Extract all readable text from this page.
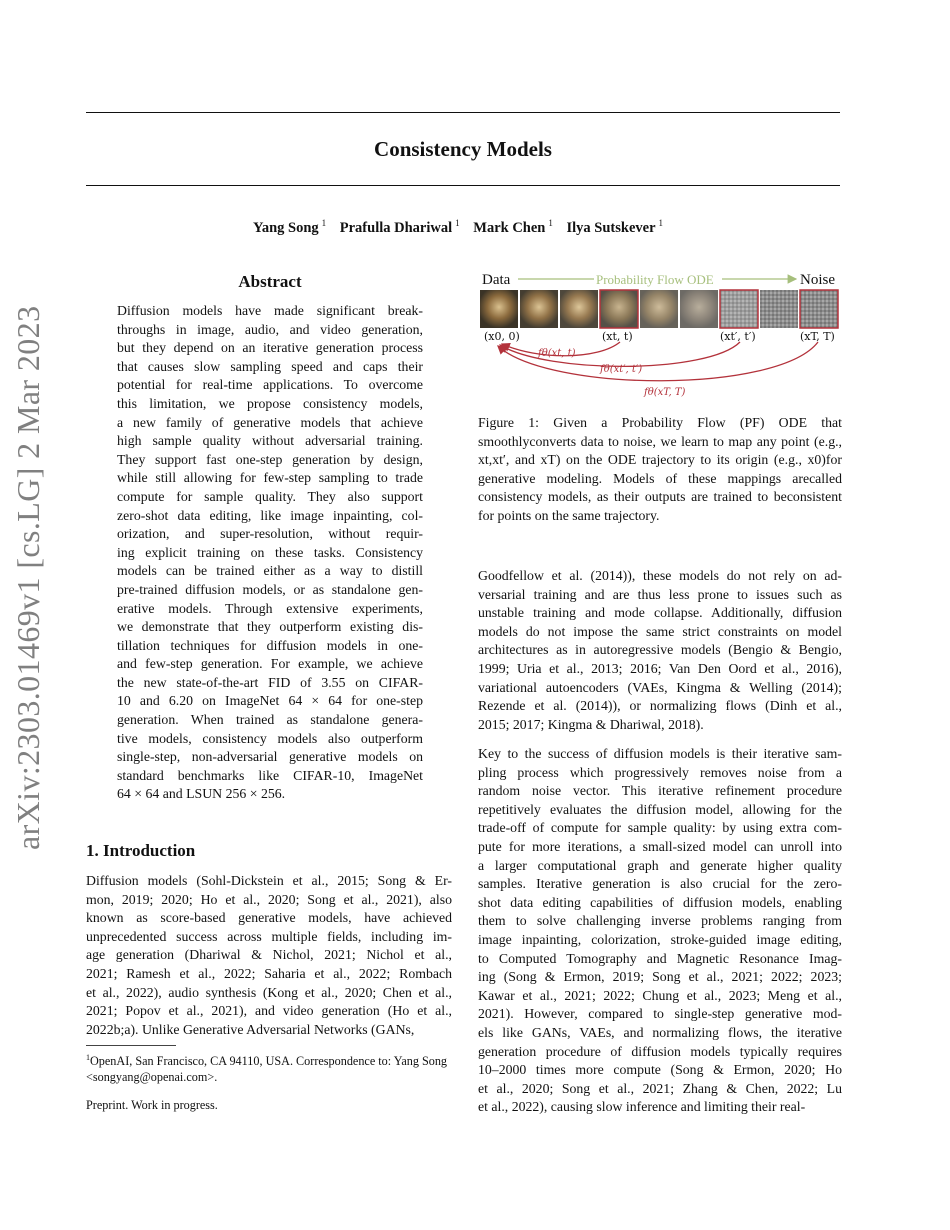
arXiv:2303.01469v1 [cs.LG] 2 Mar 2023
Consistency Models
Yang Song $^1$ Prafulla Dhariwal $^1$ Mark Chen $^1$ Ilya Sutskever $^1$
Abstract
Diffusion models have made significant break-
throughs in image, audio, and video generation,
but they depend on an iterative generation process
that causes slow sampling speed and caps their
potential for real-time applications. To overcome
this limitation, we propose consistency models,
a new family of generative models that achieve
high sample quality without adversarial training.
They support fast one-step generation by design,
while still allowing for few-step sampling to trade
compute for sample quality. They also support
zero-shot data editing, like image inpainting, col-
orization, and super-resolution, without requir-
ing explicit training on these tasks. Consistency
models can be trained either as a way to distill
pre-trained diffusion models, or as standalone gen-
erative models. Through extensive experiments,
we demonstrate that they outperform existing dis-
tillation techniques for diffusion models in one-
and few-step generation. For example, we achieve
the new state-of-the-art FID of 3.55 on CIFAR-
10 and 6.20 on ImageNet 64 × 64 for one-step
generation. When trained as standalone genera-
tive models, consistency models also outperform
single-step, non-adversarial generative models on
standard benchmarks like CIFAR-10, ImageNet
64 × 64 and LSUN 256 × 256.
1. Introduction
Diffusion models (Sohl-Dickstein et al., 2015; Song & Er-
mon, 2019; 2020; Ho et al., 2020; Song et al., 2021), also
known as score-based generative models, have achieved
unprecedented success across multiple fields, including im-
age generation (Dhariwal & Nichol, 2021; Nichol et al.,
2021; Ramesh et al., 2022; Saharia et al., 2022; Rombach
et al., 2022), audio synthesis (Kong et al., 2020; Chen et al.,
2021; Popov et al., 2021), and video generation (Ho et al.,
2022b;a). Unlike Generative Adversarial Networks (GANs,
$^1$OpenAI, San Francisco, CA 94110, USA. Correspondence to: Yang Song <songyang@openai.com>.
Preprint. Work in progress.
Data	Probability Flow ODE	Noise
(x0, 0)	(xt, t)	(xt′, t′)	(xT, T)
fθ(xt, t)
fθ(xt′, t′)
fθ(xT, T)
Figure 1: Given a Probability Flow (PF) ODE that smoothlyconverts data to noise, we learn to map any point (e.g., xt,xt′, and xT) on the ODE trajectory to its origin (e.g., x0)for generative modeling. Models of these mappings arecalled consistency models, as their outputs are trained to beconsistent for points on the same trajectory.
Goodfellow et al. (2014)), these models do not rely on ad-
versarial training and are thus less prone to issues such as
unstable training and mode collapse. Additionally, diffusion
models do not impose the same strict constraints on model
architectures as in autoregressive models (Bengio & Bengio,
1999; Uria et al., 2013; 2016; Van Den Oord et al., 2016),
variational autoencoders (VAEs, Kingma & Welling (2014);
Rezende et al. (2014)), or normalizing flows (Dinh et al.,
2015; 2017; Kingma & Dhariwal, 2018).
Key to the success of diffusion models is their iterative sam-
pling process which progressively removes noise from a
random noise vector. This iterative refinement procedure
repetitively evaluates the diffusion model, allowing for the
trade-off of compute for sample quality: by using extra com-
pute for more iterations, a small-sized model can unroll into
a larger computational graph and generate higher quality
samples. Iterative generation is also crucial for the zero-
shot data editing capabilities of diffusion models, enabling
them to solve challenging inverse problems ranging from
image inpainting, colorization, stroke-guided image editing,
to Computed Tomography and Magnetic Resonance Imag-
ing (Song & Ermon, 2019; Song et al., 2021; 2022; 2023;
Kawar et al., 2021; 2022; Chung et al., 2023; Meng et al.,
2021). However, compared to single-step generative mod-
els like GANs, VAEs, and normalizing flows, the iterative
generation procedure of diffusion models typically requires
10–2000 times more compute (Song & Ermon, 2020; Ho
et al., 2020; Song et al., 2021; Zhang & Chen, 2022; Lu
et al., 2022), causing slow inference and limiting their real-
